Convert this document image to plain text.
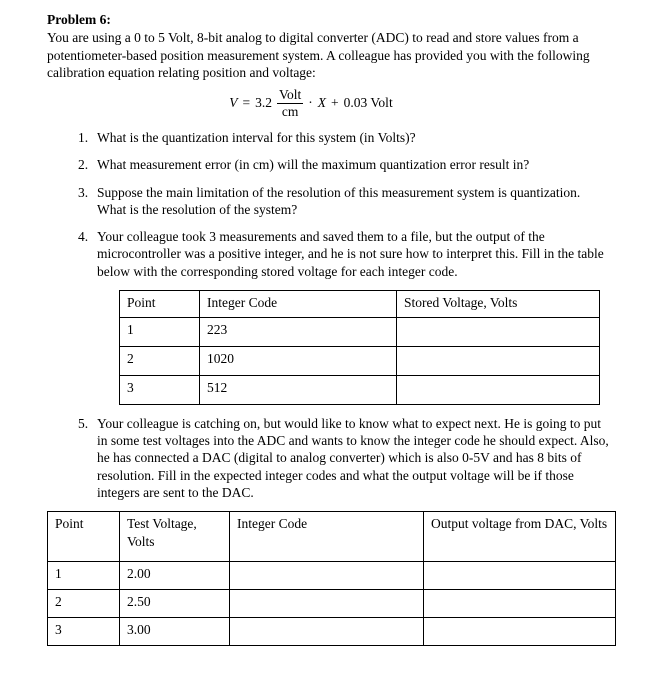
Problem 6:

You are using a 0 to 5 Volt, 8-bit analog to digital converter (ADC) to read and store values from a potentiometer-based position measurement system. A colleague has provided you with the following calibration equation relating position and voltage:

$V = 3.2 \frac{\text{Volt}}{cm} \cdot X + 0.03$ Volt
1. What is the quantization interval for this system (in Volts)?
2. What measurement error (in cm) will the maximum quantization error result in?
3. Suppose the main limitation of the resolution of this measurement system is quantization. What is the resolution of the system?
4. Your colleague took 3 measurements and saved them to a file, but the output of the microcontroller was a positive integer, and he is not sure how to interpret this. Fill in the table below with the corresponding stored voltage for each integer code.
Point	Integer Code	Stored Voltage, Volts
1	223	
2	1020	
3	512	
5. Your colleague is catching on, but would like to know what to expect next. He is going to put in some test voltages into the ADC and wants to know the integer code he should expect. Also, he has connected a DAC (digital to analog converter) which is also 0-5V and has 8 bits of resolution. Fill in the expected integer codes and what the output voltage will be if those integers are sent to the DAC.
Point	Test Voltage, Volts	Integer Code	Output voltage from DAC, Volts
1	2.00		
2	2.50		
3	3.00		
